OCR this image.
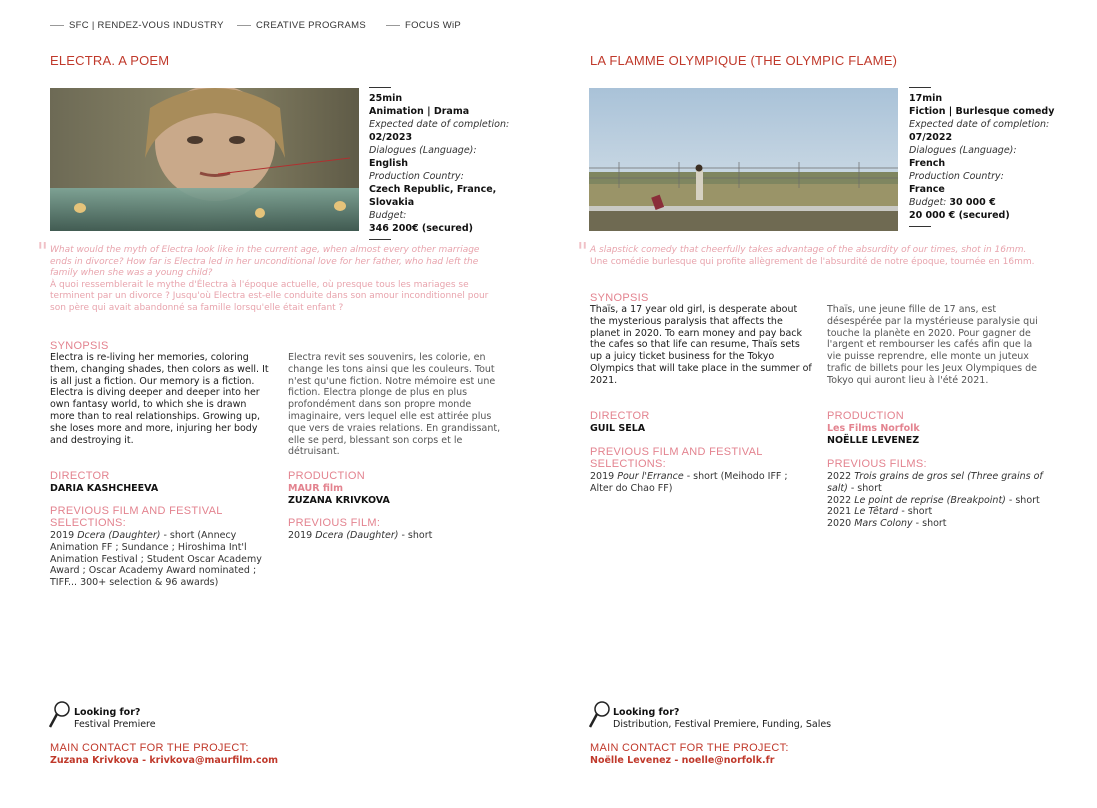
SFC | RENDEZ-VOUS INDUSTRY	CREATIVE PROGRAMS	FOCUS WiP
ELECTRA. A POEM
25min
Animation | Drama
Expected date of completion:
02/2023
Dialogues (Language):
English
Production Country:
Czech Republic, France, Slovakia
Budget:
346 200€ (secured)
" What would the myth of Electra look like in the current age, when almost every other marriage ends in divorce? How far is Electra led in her unconditional love for her father, who had left the family when she was a young child?
À quoi ressemblerait le mythe d'Électra à l'époque actuelle, où presque tous les mariages se terminent par un divorce ? Jusqu'où Electra est-elle conduite dans son amour inconditionnel pour son père qui avait abandonné sa famille lorsqu'elle était enfant ?
SYNOPSIS
Electra is re-living her memories, coloring them, changing shades, then colors as well. It is all just a fiction. Our memory is a fiction. Electra is diving deeper and deeper into her own fantasy world, to which she is drawn more than to real relationships. Growing up, she loses more and more, injuring her body and destroying it.
Electra revit ses souvenirs, les colorie, en change les tons ainsi que les couleurs. Tout n'est qu'une fiction. Notre mémoire est une fiction. Electra plonge de plus en plus profondément dans son propre monde imaginaire, vers lequel elle est attirée plus que vers de vraies relations. En grandissant, elle se perd, blessant son corps et le détruisant.
DIRECTOR
DARIA KASHCHEEVA
PREVIOUS FILM AND FESTIVAL SELECTIONS:
2019 Dcera (Daughter) - short (Annecy Animation FF ; Sundance ; Hiroshima Int'l Animation Festival ; Student Oscar Academy Award ; Oscar Academy Award nominated ; TIFF... 300+ selection & 96 awards)
PRODUCTION
MAUR film
ZUZANA KRIVKOVA
PREVIOUS FILM:
2019 Dcera (Daughter) - short
Looking for?
Festival Premiere
MAIN CONTACT FOR THE PROJECT:
Zuzana Krivkova - krivkova@maurfilm.com
LA FLAMME OLYMPIQUE (THE OLYMPIC FLAME)
17min
Fiction | Burlesque comedy
Expected date of completion:
07/2022
Dialogues (Language):
French
Production Country:
France
Budget: 30 000 €
20 000 € (secured)
" A slapstick comedy that cheerfully takes advantage of the absurdity of our times, shot in 16mm.
Une comédie burlesque qui profite allègrement de l'absurdité de notre époque, tournée en 16mm.
SYNOPSIS
Thaïs, a 17 year old girl, is desperate about the mysterious paralysis that affects the planet in 2020. To earn money and pay back the cafes so that life can resume, Thaïs sets up a juicy ticket business for the Tokyo Olympics that will take place in the summer of 2021.
Thaïs, une jeune fille de 17 ans, est désespérée par la mystérieuse paralysie qui touche la planète en 2020. Pour gagner de l'argent et rembourser les cafés afin que la vie puisse reprendre, elle monte un juteux trafic de billets pour les Jeux Olympiques de Tokyo qui auront lieu à l'été 2021.
DIRECTOR
GUIL SELA
PREVIOUS FILM AND FESTIVAL SELECTIONS:
2019 Pour l'Errance - short (Meihodo IFF ; Alter do Chao FF)
PRODUCTION
Les Films Norfolk
NOËLLE LEVENEZ
PREVIOUS FILMS:
2022 Trois grains de gros sel (Three grains of salt) - short
2022 Le point de reprise (Breakpoint) - short
2021 Le Têtard - short
2020 Mars Colony - short
Looking for?
Distribution, Festival Premiere, Funding, Sales
MAIN CONTACT FOR THE PROJECT:
Noëlle Levenez - noelle@norfolk.fr
